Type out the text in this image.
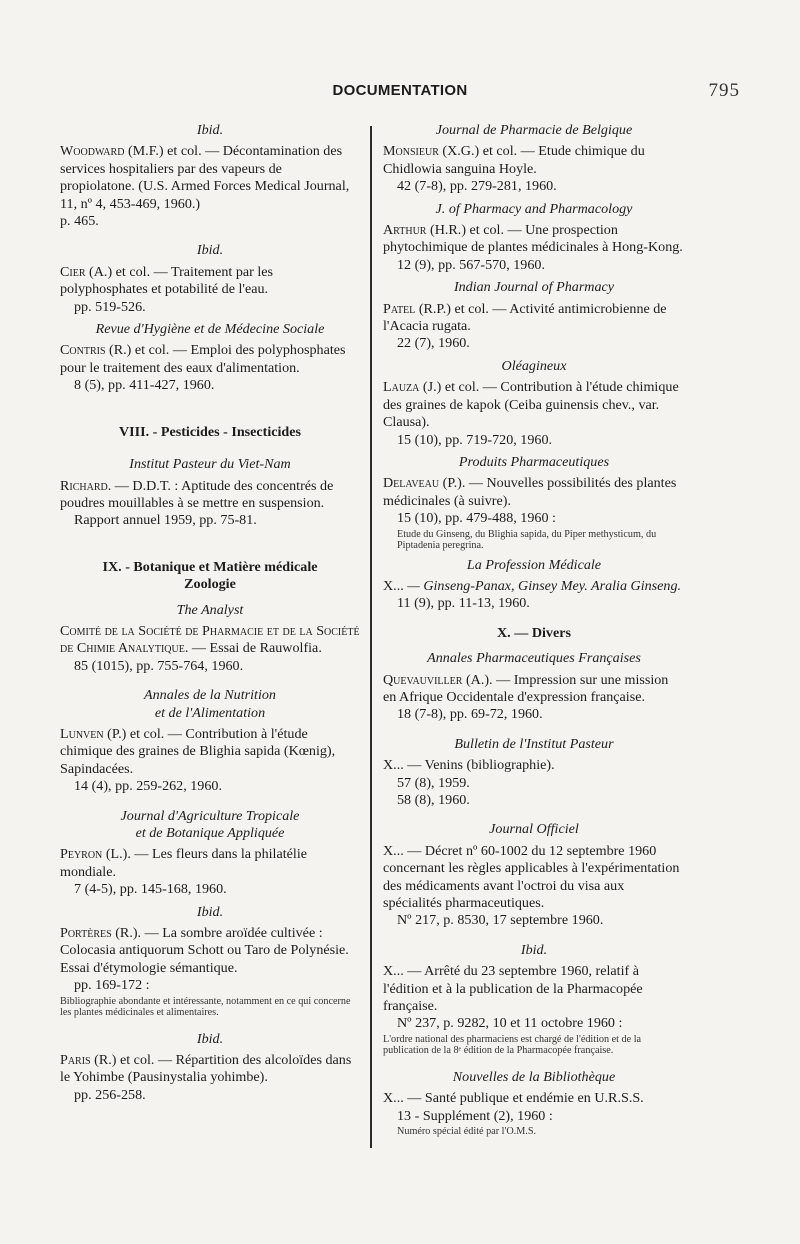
DOCUMENTATION	795
Ibid.
Woodward (M.F.) et col. — Décontamination des services hospitaliers par des vapeurs de propiolatone. (U.S. Armed Forces Medical Journal, 11, nº 4, 453-469, 1960.)
p. 465.
Ibid.
Cier (A.) et col. — Traitement par les polyphosphates et potabilité de l'eau.
pp. 519-526.
Revue d'Hygiène et de Médecine Sociale
Contris (R.) et col. — Emploi des polyphosphates pour le traitement des eaux d'alimentation.
8 (5), pp. 411-427, 1960.
VIII. - Pesticides - Insecticides
Institut Pasteur du Viet-Nam
Richard. — D.D.T. : Aptitude des concentrés de poudres mouillables à se mettre en suspension.
Rapport annuel 1959, pp. 75-81.
IX. - Botanique et Matière médicale
Zoologie
The Analyst
Comité de la Société de Pharmacie et de la Société de Chimie Analytique. — Essai de Rauwolfia.
85 (1015), pp. 755-764, 1960.
Annales de la Nutrition
et de l'Alimentation
Lunven (P.) et col. — Contribution à l'étude chimique des graines de Blighia sapida (Kœnig), Sapindacées.
14 (4), pp. 259-262, 1960.
Journal d'Agriculture Tropicale
et de Botanique Appliquée
Peyron (L.). — Les fleurs dans la philatélie mondiale.
7 (4-5), pp. 145-168, 1960.
Ibid.
Portères (R.). — La sombre aroïdée cultivée : Colocasia antiquorum Schott ou Taro de Polynésie. Essai d'étymologie sémantique.
pp. 169-172 :
Bibliographie abondante et intéressante, notamment en ce qui concerne les plantes médicinales et alimentaires.
Ibid.
Paris (R.) et col. — Répartition des alcoloïdes dans le Yohimbe (Pausinystalia yohimbe).
pp. 256-258.
Journal de Pharmacie de Belgique
Monsieur (X.G.) et col. — Etude chimique du Chidlowia sanguina Hoyle.
42 (7-8), pp. 279-281, 1960.
J. of Pharmacy and Pharmacology
Arthur (H.R.) et col. — Une prospection phytochimique de plantes médicinales à Hong-Kong.
12 (9), pp. 567-570, 1960.
Indian Journal of Pharmacy
Patel (R.P.) et col. — Activité antimicrobienne de l'Acacia rugata.
22 (7), 1960.
Oléagineux
Lauza (J.) et col. — Contribution à l'étude chimique des graines de kapok (Ceiba guinensis chev., var. Clausa).
15 (10), pp. 719-720, 1960.
Produits Pharmaceutiques
Delaveau (P.). — Nouvelles possibilités des plantes médicinales (à suivre).
15 (10), pp. 479-488, 1960 :
Etude du Ginseng, du Blighia sapida, du Piper methysticum, du Piptadenia peregrina.
La Profession Médicale
X... — Ginseng-Panax, Ginsey Mey. Aralia Ginseng.
11 (9), pp. 11-13, 1960.
X. — Divers
Annales Pharmaceutiques Françaises
Quevauviller (A.). — Impression sur une mission en Afrique Occidentale d'expression française.
18 (7-8), pp. 69-72, 1960.
Bulletin de l'Institut Pasteur
X... — Venins (bibliographie).
57 (8), 1959.
58 (8), 1960.
Journal Officiel
X... — Décret nº 60-1002 du 12 septembre 1960 concernant les règles applicables à l'expérimentation des médicaments avant l'octroi du visa aux spécialités pharmaceutiques.
Nº 217, p. 8530, 17 septembre 1960.
Ibid.
X... — Arrêté du 23 septembre 1960, relatif à l'édition et à la publication de la Pharmacopée française.
Nº 237, p. 9282, 10 et 11 octobre 1960 :
L'ordre national des pharmaciens est chargé de l'édition et de la publication de la 8ᵉ édition de la Pharmacopée française.
Nouvelles de la Bibliothèque
X... — Santé publique et endémie en U.R.S.S.
13 - Supplément (2), 1960 :
Numéro spécial édité par l'O.M.S.
